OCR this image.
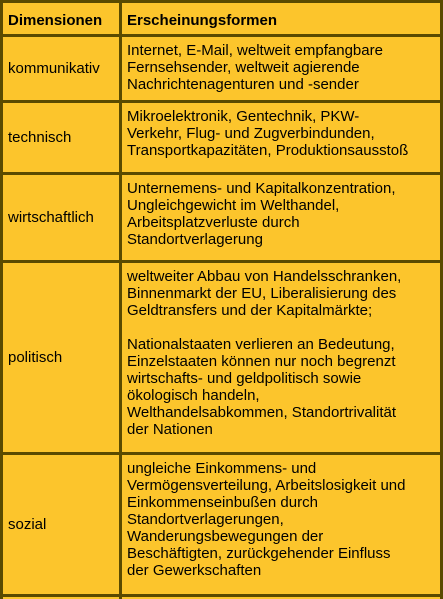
Dimensionen	Erscheinungsformen
kommunikativ
Internet, E-Mail, weltweit empfangbare
Fernsehsender, weltweit agierende
Nachrichtenagenturen und -sender
technisch
Mikroelektronik, Gentechnik, PKW-
Verkehr, Flug- und Zugverbindunden,
Transportkapazitäten, Produktionsausstoß
wirtschaftlich
Unternemens- und Kapitalkonzentration,
Ungleichgewicht im Welthandel,
Arbeitsplatzverluste durch
Standortverlagerung
politisch
weltweiter Abbau von Handelsschranken,
Binnenmarkt der EU, Liberalisierung des
Geldtransfers und der Kapitalmärkte;
Nationalstaaten verlieren an Bedeutung,
Einzelstaaten können nur noch begrenzt
wirtschafts- und geldpolitisch sowie
ökologisch handeln,
Welthandelsabkommen, Standortrivalität
der Nationen
sozial
ungleiche Einkommens- und
Vermögensverteilung, Arbeitslosigkeit und
Einkommenseinbußen durch
Standortverlagerungen,
Wanderungsbewegungen der
Beschäftigten, zurückgehender Einfluss
der Gewerkschaften
